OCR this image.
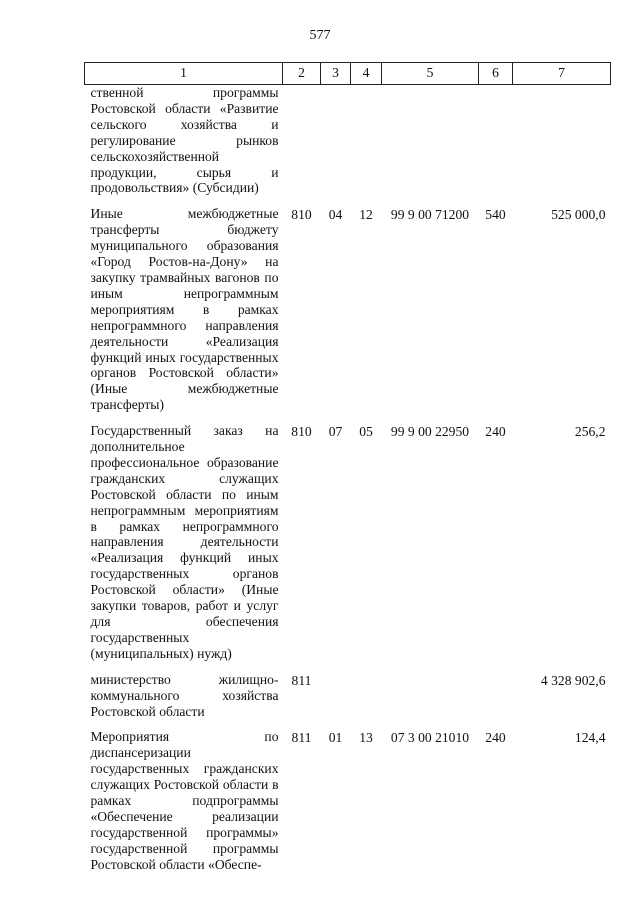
577
1	2	3	4	5	6	7
ственной программы Ростовской области «Развитие сельского хозяйства и регулирование рынков сельскохозяйственной продукции, сырья и продовольствия» (Субсидии)						
Иные межбюджетные трансферты бюджету муниципального образования «Город Ростов-на-Дону» на закупку трамвайных вагонов по иным непрограммным мероприятиям в рамках непрограммного направления деятельности «Реализация функций иных государственных органов Ростовской области» (Иные межбюджетные трансферты)	810	04	12	99 9 00 71200	540	525 000,0
Государственный заказ на дополнительное профессиональное образование гражданских служащих Ростовской области по иным непрограммным мероприятиям в рамках непрограммного направления деятельности «Реализация функций иных государственных органов Ростовской области» (Иные закупки товаров, работ и услуг для обеспечения государственных (муниципальных) нужд)	810	07	05	99 9 00 22950	240	256,2
министерство жилищно-коммунального хозяйства Ростовской области	811					4 328 902,6
Мероприятия по диспансеризации государственных гражданских служащих Ростовской области в рамках подпрограммы «Обеспечение реализации государственной программы» государственной программы Ростовской области «Обеспе-	811	01	13	07 3 00 21010	240	124,4
